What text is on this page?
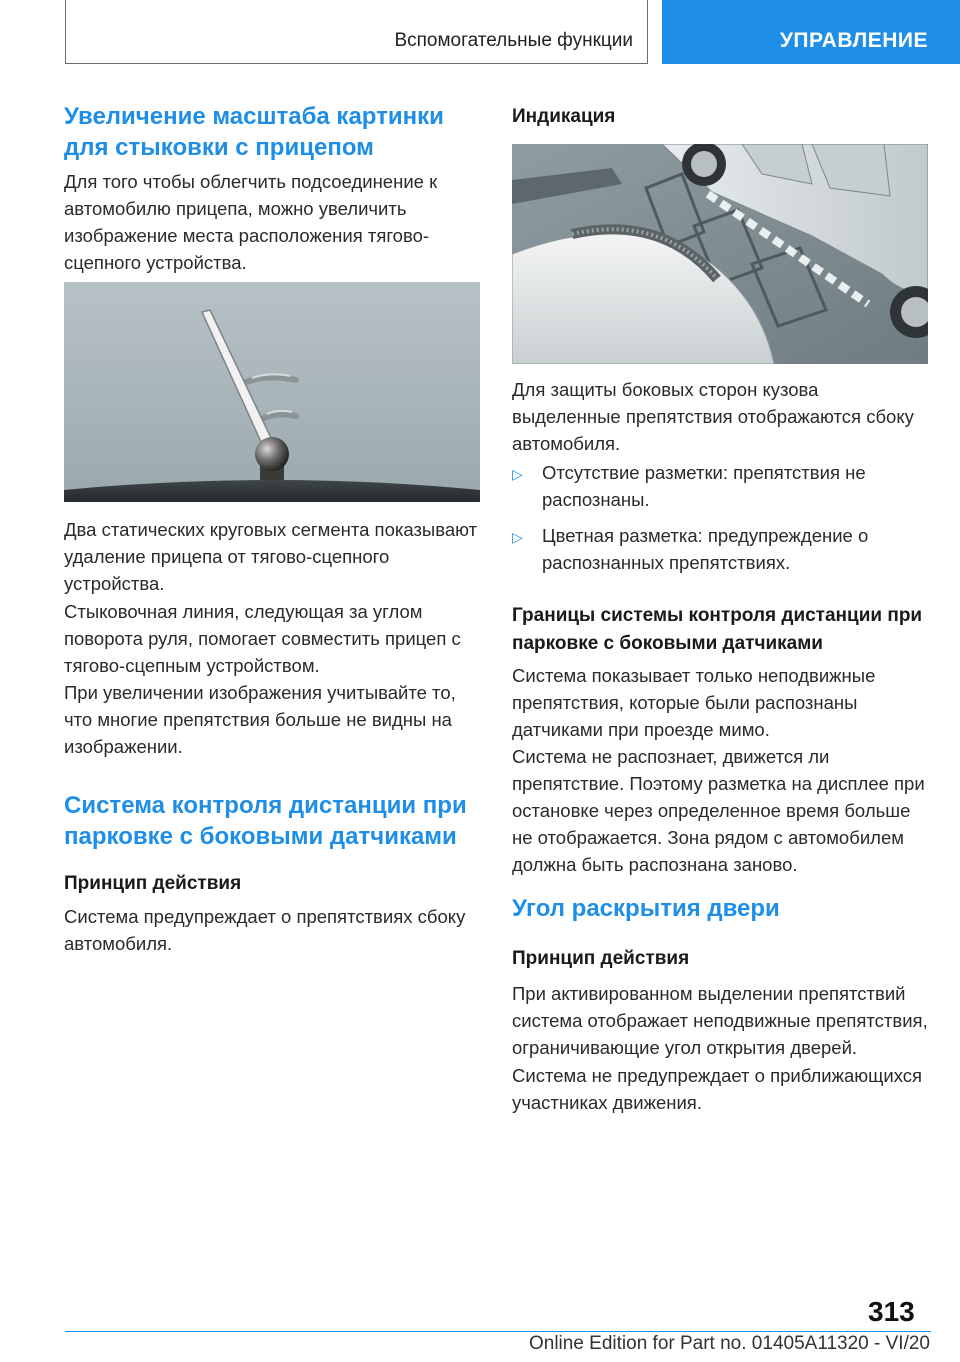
Вспомогательные функции	УПРАВЛЕНИЕ
Увеличение масштаба картинки для стыковки с прицепом

Для того чтобы облегчить подсоединение к автомобилю прицепа, можно увеличить изображение места расположения тягово-сцепного устройства.

Два статических круговых сегмента показывают удаление прицепа от тягово-сцепного устройства.

Стыковочная линия, следующая за углом поворота руля, помогает совместить прицеп с тягово-сцепным устройством.

При увеличении изображения учитывайте то, что многие препятствия больше не видны на изображении.

Система контроля дистанции при парковке с боковыми датчиками
Принцип действия

Система предупреждает о препятствиях сбоку автомобиля.

Индикация

Для защиты боковых сторон кузова выделенные препятствия отображаются сбоку автомобиля.

▷ Отсутствие разметки: препятствия не распознаны.
▷ Цветная разметка: предупреждение о распознанных препятствиях.
Границы системы контроля дистанции при парковке с боковыми датчиками

Система показывает только неподвижные препятствия, которые были распознаны датчиками при проезде мимо.

Система не распознает, движется ли препятствие. Поэтому разметка на дисплее при остановке через определенное время больше не отображается. Зона рядом с автомобилем должна быть распознана заново.

Угол раскрытия двери
Принцип действия

При активированном выделении препятствий система отображает неподвижные препятствия, ограничивающие угол открытия дверей.

Система не предупреждает о приближающихся участниках движения.

313
Online Edition for Part no. 01405A11320 - VI/20
